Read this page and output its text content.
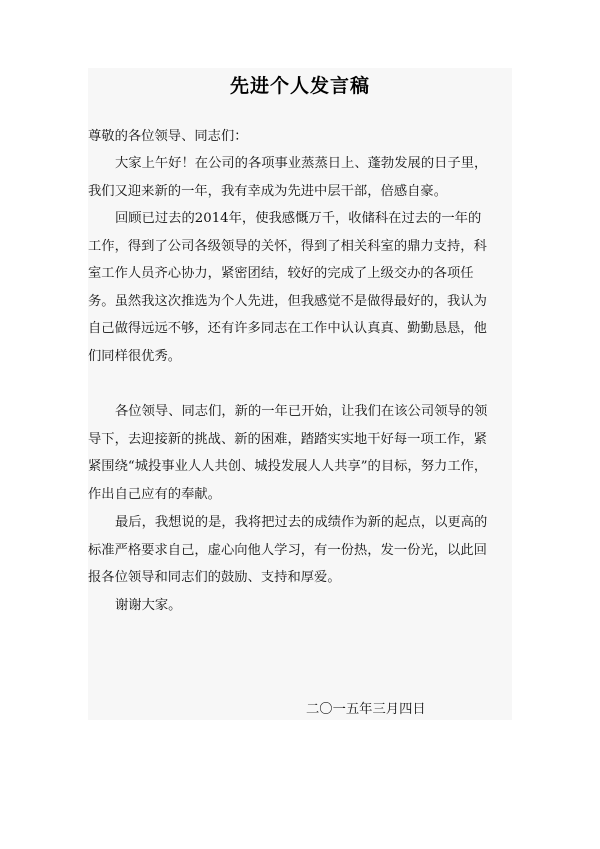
先进个人发言稿
尊敬的各位领导、同志们：
大家上午好！在公司的各项事业蒸蒸日上、蓬勃发展的日子里，
我们又迎来新的一年，我有幸成为先进中层干部，倍感自豪。
回顾已过去的2014年，使我感慨万千，收储科在过去的一年的
工作，得到了公司各级领导的关怀，得到了相关科室的鼎力支持，科
室工作人员齐心协力，紧密团结，较好的完成了上级交办的各项任
务。虽然我这次推选为个人先进，但我感觉不是做得最好的，我认为
自己做得远远不够，还有许多同志在工作中认认真真、勤勤恳恳，他
们同样很优秀。
各位领导、同志们，新的一年已开始，让我们在该公司领导的领
导下，去迎接新的挑战、新的困难，踏踏实实地干好每一项工作，紧
紧围绕“城投事业人人共创、城投发展人人共享”的目标，努力工作，
作出自己应有的奉献。
最后，我想说的是，我将把过去的成绩作为新的起点，以更高的
标准严格要求自己，虚心向他人学习，有一份热，发一份光，以此回
报各位领导和同志们的鼓励、支持和厚爱。
谢谢大家。
二〇一五年三月四日
